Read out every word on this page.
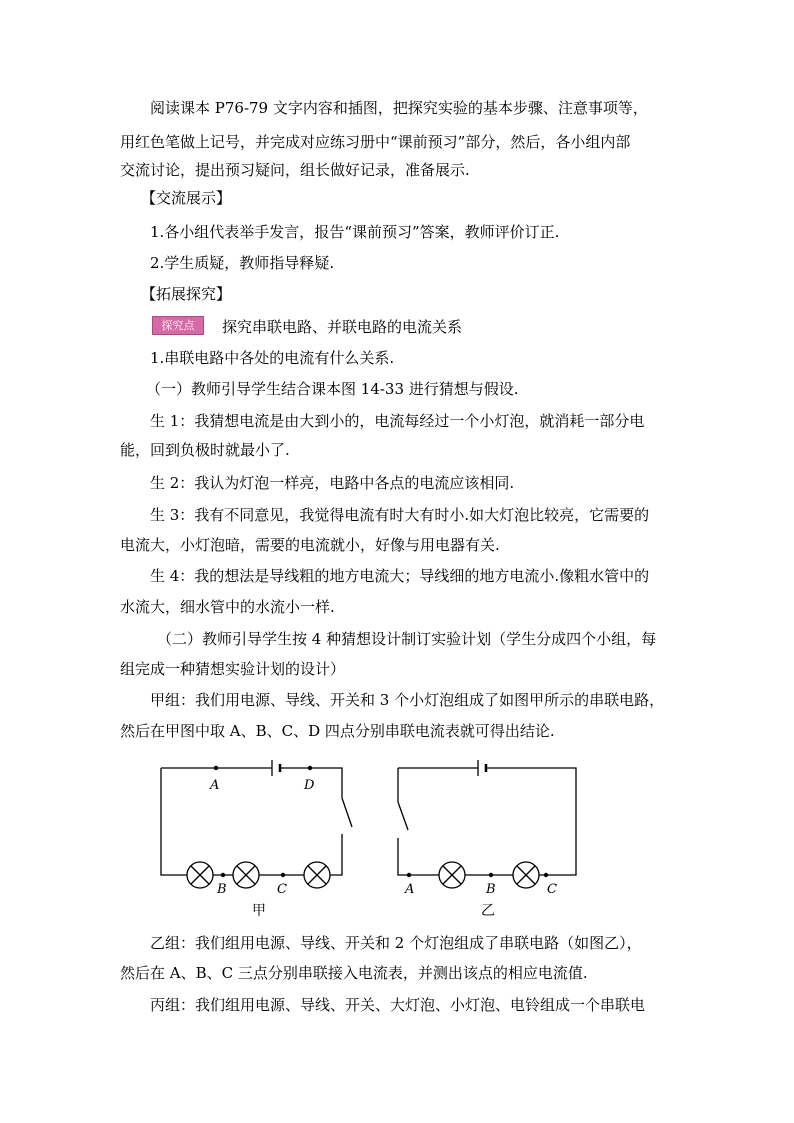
阅读课本 P76-79 文字内容和插图，把探究实验的基本步骤、注意事项等，
用红色笔做上记号，并完成对应练习册中“课前预习”部分，然后，各小组内部
交流讨论，提出预习疑问，组长做好记录，准备展示.
【交流展示】
1.各小组代表举手发言，报告“课前预习”答案，教师评价订正.
2.学生质疑，教师指导释疑.
【拓展探究】
探究点	探究串联电路、并联电路的电流关系
1.串联电路中各处的电流有什么关系.
（一）教师引导学生结合课本图 14-33 进行猜想与假设.
生 1：我猜想电流是由大到小的，电流每经过一个小灯泡，就消耗一部分电
能，回到负极时就最小了.
生 2：我认为灯泡一样亮，电路中各点的电流应该相同.
生 3：我有不同意见，我觉得电流有时大有时小.如大灯泡比较亮，它需要的
电流大，小灯泡暗，需要的电流就小，好像与用电器有关.
生 4：我的想法是导线粗的地方电流大；导线细的地方电流小.像粗水管中的
水流大，细水管中的水流小一样.
（二）教师引导学生按 4 种猜想设计制订实验计划（学生分成四个小组，每
组完成一种猜想实验计划的设计）
甲组：我们用电源、导线、开关和 3 个小灯泡组成了如图甲所示的串联电路，
然后在甲图中取 A、B、C、D 四点分别串联电流表就可得出结论.
A	D
B	C	A	B	C
甲	乙
乙组：我们组用电源、导线、开关和 2 个灯泡组成了串联电路（如图乙），
然后在 A、B、C 三点分别串联接入电流表，并测出该点的相应电流值.
丙组：我们组用电源、导线、开关、大灯泡、小灯泡、电铃组成一个串联电
